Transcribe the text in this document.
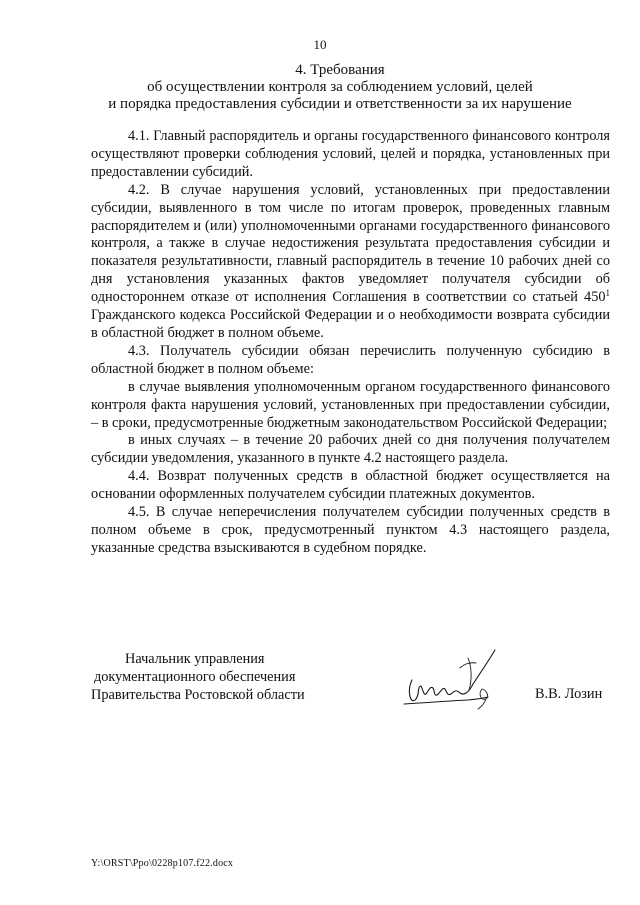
10
4. Требования
об осуществлении контроля за соблюдением условий, целей
и порядка предоставления субсидии и ответственности за их нарушение

4.1. Главный распорядитель и органы государственного финансового контроля осуществляют проверки соблюдения условий, целей и порядка, установленных при предоставлении субсидий.

4.2. В случае нарушения условий, установленных при предоставлении субсидии, выявленного в том числе по итогам проверок, проведенных главным распорядителем и (или) уполномоченными органами государственного финансового контроля, а также в случае недостижения результата предоставления субсидии и показателя результативности, главный распорядитель в течение 10 рабочих дней со дня установления указанных фактов уведомляет получателя субсидии об одностороннем отказе от исполнения Соглашения в соответствии со статьей $450^1$ Гражданского кодекса Российской Федерации и о необходимости возврата субсидии в областной бюджет в полном объеме.

4.3. Получатель субсидии обязан перечислить полученную субсидию в областной бюджет в полном объеме:

в случае выявления уполномоченным органом государственного финансового контроля факта нарушения условий, установленных при предоставлении субсидии, – в сроки, предусмотренные бюджетным законодательством Российской Федерации;

в иных случаях – в течение 20 рабочих дней со дня получения получателем субсидии уведомления, указанного в пункте 4.2 настоящего раздела.

4.4. Возврат полученных средств в областной бюджет осуществляется на основании оформленных получателем субсидии платежных документов.

4.5. В случае неперечисления получателем субсидии полученных средств в полном объеме в срок, предусмотренный пунктом 4.3 настоящего раздела, указанные средства взыскиваются в судебном порядке.

Начальник управления
документационного обеспечения
Правительства Ростовской области	В.В. Лозин
Y:\ORST\Ppo\0228p107.f22.docx
